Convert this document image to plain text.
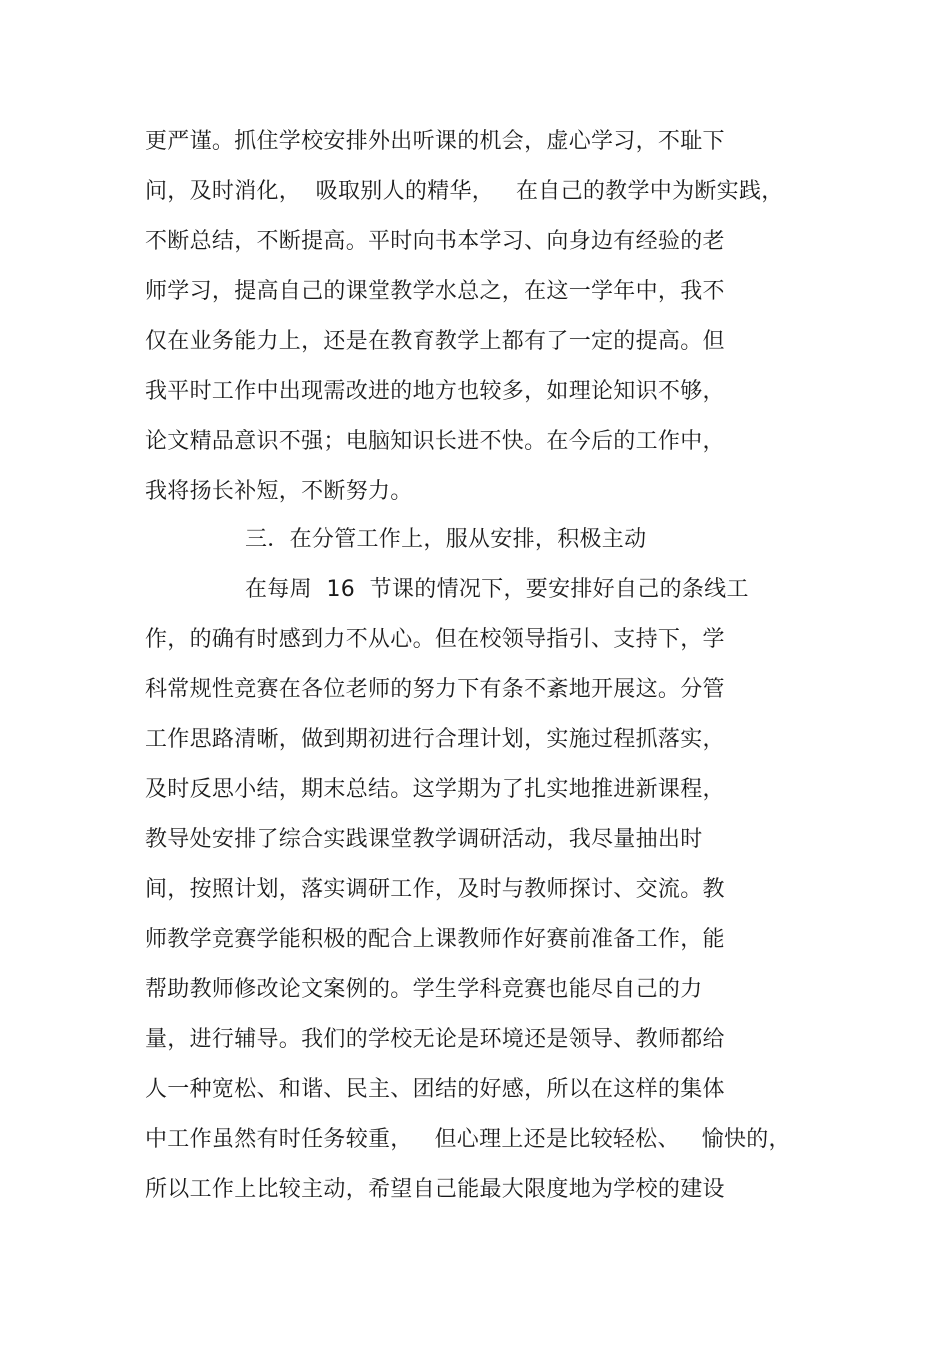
更严谨。抓住学校安排外出听课的机会，虚心学习，不耻下
问，及时消化，  吸取别人的精华，   在自己的教学中为断实践，
不断总结，不断提高。平时向书本学习、向身边有经验的老
师学习，提高自己的课堂教学水总之，在这一学年中，我不
仅在业务能力上，还是在教育教学上都有了一定的提高。但
我平时工作中出现需改进的地方也较多，如理论知识不够，
论文精品意识不强；电脑知识长进不快。在今后的工作中，
我将扬长补短，不断努力。
三．在分管工作上，服从安排，积极主动
在每周  16  节课的情况下，要安排好自己的条线工
作，的确有时感到力不从心。但在校领导指引、支持下，学
科常规性竞赛在各位老师的努力下有条不紊地开展这。分管
工作思路清晰，做到期初进行合理计划，实施过程抓落实，
及时反思小结，期末总结。这学期为了扎实地推进新课程，
教导处安排了综合实践课堂教学调研活动，我尽量抽出时
间，按照计划，落实调研工作，及时与教师探讨、交流。教
师教学竞赛学能积极的配合上课教师作好赛前准备工作，能
帮助教师修改论文案例的。学生学科竞赛也能尽自己的力
量，进行辅导。我们的学校无论是环境还是领导、教师都给
人一种宽松、和谐、民主、团结的好感，所以在这样的集体
中工作虽然有时任务较重，   但心理上还是比较轻松、   愉快的，
所以工作上比较主动，希望自己能最大限度地为学校的建设
